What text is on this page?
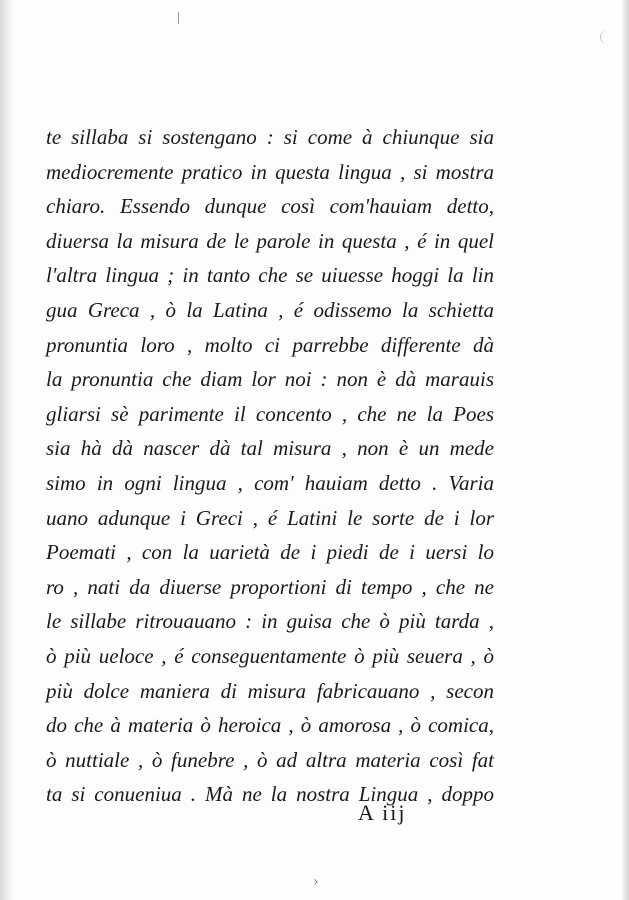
›
te sillaba si sostengano : si come à chiunque sia
mediocremente pratico in questa lingua , si mostra
chiaro. Essendo dunque così com'hauiam detto,
diuersa la misura de le parole in questa , é in quel
l'altra lingua ; in tanto che se uiuesse hoggi la lin
gua Greca , ò la Latina , é odissemo la schietta
pronuntia loro , molto ci parrebbe differente dà
la pronuntia che diam lor noi : non è dà marauis
gliarsi sè parimente il concento , che ne la Poes
sia hà dà nascer dà tal misura , non è un mede
simo in ogni lingua , com' hauiam detto . Varia
uano adunque i Greci , é Latini le sorte de i lor
Poemati , con la uarietà de i piedi de i uersi lo
ro , nati da diuerse proportioni di tempo , che ne
le sillabe ritrouauano : in guisa che ò più tarda ,
ò più ueloce , é conseguentamente ò più seuera , ò
più dolce maniera di misura fabricauano , secon
do che à materia ò heroica , ò amorosa , ò comica,
ò nuttiale , ò funebre , ò ad altra materia così fat
ta si conueniua . Mà ne la nostra Lingua , doppo
A iij
